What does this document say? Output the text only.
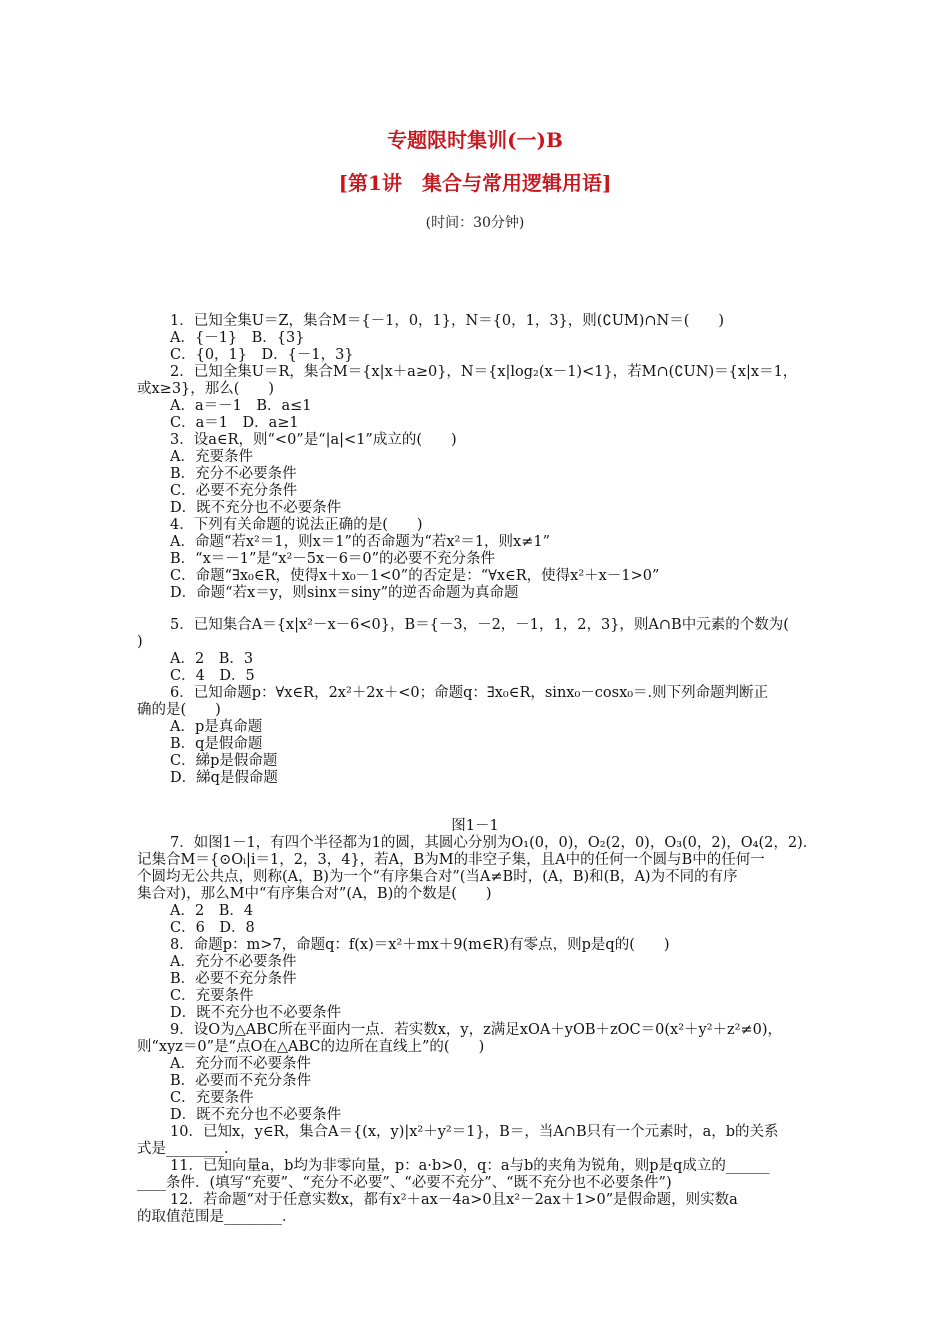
专题限时集训(一)B
[第1讲　集合与常用逻辑用语]
(时间：30分钟)
1．已知全集U＝Z，集合M＝{－1，0，1}，N＝{0，1，3}，则(∁UM)∩N＝(　　)
A．{－1}　B．{3}
C．{0，1}　D．{－1，3}
2．已知全集U＝R，集合M＝{x|x＋a≥0}，N＝{x|log₂(x－1)<1}，若M∩(∁UN)＝{x|x＝1，
或x≥3}，那么(　　)
A．a＝－1　B．a≤1
C．a＝1　D．a≥1
3．设a∈R，则“<0”是“|a|<1”成立的(　　)
A．充要条件
B．充分不必要条件
C．必要不充分条件
D．既不充分也不必要条件
4．下列有关命题的说法正确的是(　　)
A．命题“若x²＝1，则x＝1”的否命题为“若x²＝1，则x≠1”
B．“x＝－1”是“x²－5x－6＝0”的必要不充分条件
C．命题“∃x₀∈R，使得x＋x₀－1<0”的否定是：“∀x∈R，使得x²＋x－1>0”
D．命题“若x＝y，则sinx＝siny”的逆否命题为真命题
5．已知集合A＝{x|x²－x－6<0}，B＝{－3，－2，－1，1，2，3}，则A∩B中元素的个数为(
)
A．2　B．3
C．4　D．5
6．已知命题p：∀x∈R，2x²＋2x＋<0；命题q：∃x₀∈R，sinx₀－cosx₀＝.则下列命题判断正
确的是(　　)
A．p是真命题
B．q是假命题
C．綈p是假命题
D．綈q是假命题
图1－1
7．如图1－1，有四个半径都为1的圆，其圆心分别为O₁(0，0)，O₂(2，0)，O₃(0，2)，O₄(2，2)．
记集合M＝{⊙Oᵢ|i＝1，2，3，4}，若A，B为M的非空子集，且A中的任何一个圆与B中的任何一
个圆均无公共点，则称(A，B)为一个“有序集合对”(当A≠B时，(A，B)和(B，A)为不同的有序
集合对)，那么M中“有序集合对”(A，B)的个数是(　　)
A．2　B．4
C．6　D．8
8．命题p：m>7，命题q：f(x)＝x²＋mx＋9(m∈R)有零点，则p是q的(　　)
A．充分不必要条件
B．必要不充分条件
C．充要条件
D．既不充分也不必要条件
9．设O为△ABC所在平面内一点．若实数x，y，z满足xOA＋yOB＋zOC＝0(x²＋y²＋z²≠0)，
则“xyz＝0”是“点O在△ABC的边所在直线上”的(　　)
A．充分而不必要条件
B．必要而不充分条件
C．充要条件
D．既不充分也不必要条件
10．已知x，y∈R，集合A＝{(x，y)|x²＋y²＝1}，B＝，当A∩B只有一个元素时，a，b的关系
式是________．
11．已知向量a，b均为非零向量，p：a·b>0，q：a与b的夹角为锐角，则p是q成立的______
____条件．(填写“充要”、“充分不必要”、“必要不充分”、“既不充分也不必要条件”)
12．若命题“对于任意实数x，都有x²＋ax－4a>0且x²－2ax＋1>0”是假命题，则实数a
的取值范围是________．
